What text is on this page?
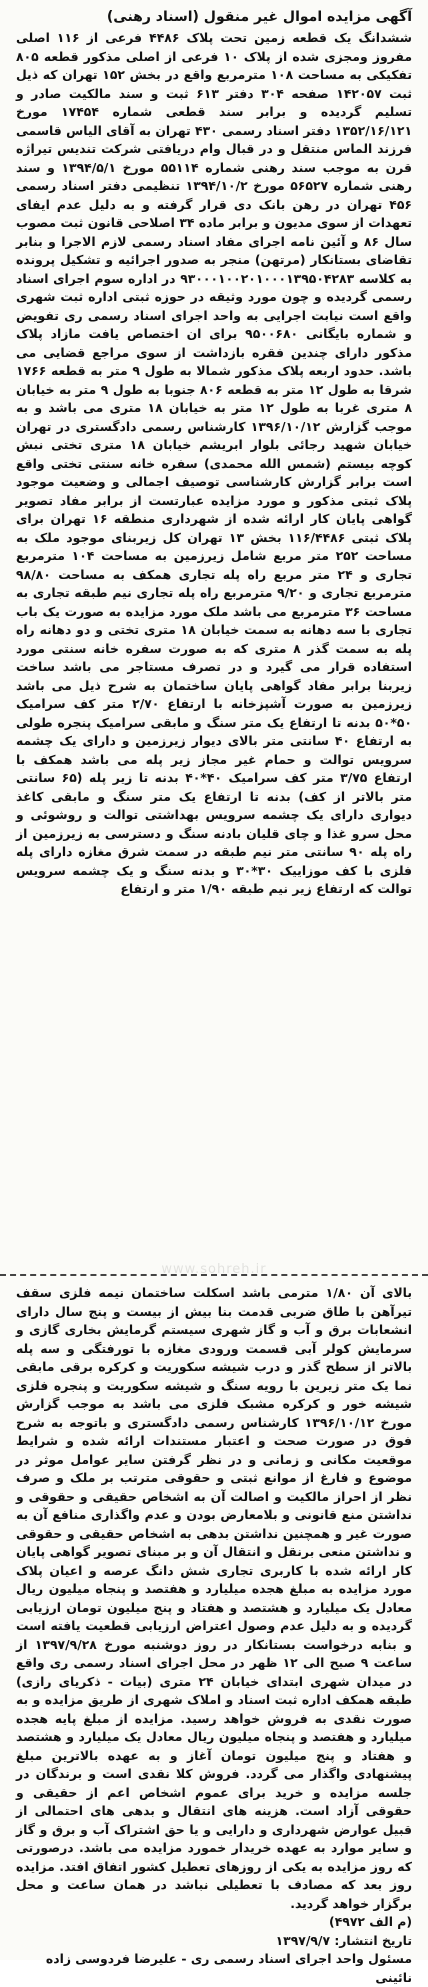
آگهی مزایده اموال غیر منقول (اسناد رهنی)

ششدانگ یک قطعه زمین تحت پلاک ۴۴۸۶ فرعی از ۱۱۶ اصلی مفروز ومجزی شده از پلاک ۱۰ فرعی از اصلی مذکور قطعه ۸۰۵ تفکیکی به مساحت ۱۰۸ مترمربع واقع در بخش ۱۵۲ تهران که ذیل ثبت ۱۴۲۰۵۷ صفحه ۳۰۴ دفتر ۶۱۳ ثبت و سند مالکیت صادر و تسلیم گردیده و برابر سند قطعی شماره ۱۷۴۵۴ مورخ ۱۳۵۲/۱۶/۱۲۱ دفتر اسناد رسمی ۴۳۰ تهران به آقای الیاس قاسمی فرزند الماس منتقل و در قبال وام دریافتی شرکت تندیس تیراژه قرن به موجب سند رهنی شماره ۵۵۱۱۴ مورخ ۱۳۹۴/۵/۱ و سند رهنی شماره ۵۶۵۲۷ مورخ ۱۳۹۴/۱۰/۲ تنظیمی دفتر اسناد رسمی ۴۵۶ تهران در رهن بانک دی قرار گرفته و به دلیل عدم ایفای تعهدات از سوی مدیون و برابر ماده ۳۴ اصلاحی قانون ثبت مصوب سال ۸۶ و آئین نامه اجرای مفاد اسناد رسمی لازم الاجرا و بنابر تقاضای بستانکار (مرتهن) منجر به صدور اجرائیه و تشکیل پرونده به کلاسه ۹۳۰۰۰۱۰۰۲۰۱۰۰۰۱۳۹۵۰۴۲۸۳ در اداره سوم اجرای اسناد رسمی گردیده و چون مورد وثیقه در حوزه ثبتی اداره ثبت شهری واقع است نیابت اجرایی به واحد اجرای اسناد رسمی ری تفویض و شماره بایگانی ۹۵۰۰۶۸۰ برای ان اختصاص یافت مازاد پلاک مذکور دارای چندین فقره بازداشت از سوی مراجع قضایی می باشد. حدود اربعه پلاک مذکور شمالا به طول ۹ متر به قطعه ۱۷۶۶ شرقا به طول ۱۲ متر به قطعه ۸۰۶ جنوبا به طول ۹ متر به خیابان ۸ متری غربا به طول ۱۲ متر به خیابان ۱۸ متری می باشد و به موجب گزارش ۱۳۹۶/۱۰/۱۲ کارشناس رسمی دادگستری در تهران خیابان شهید رجائی بلوار ابریشم خیابان ۱۸ متری تختی نبش کوچه بیستم (شمس الله محمدی) سفره خانه سنتی تختی واقع است برابر گزارش کارشناسی توصیف اجمالی و وضعیت موجود پلاک ثبتی مذکور و مورد مزایده عبارتست از برابر مفاد تصویر گواهی پایان کار ارائه شده از شهرداری منطقه ۱۶ تهران برای پلاک ثبتی ۱۱۶/۴۴۸۶ بخش ۱۳ تهران کل زیربنای موجود ملک به مساحت ۲۵۲ متر مربع شامل زیرزمین به مساحت ۱۰۴ مترمربع تجاری و ۲۴ متر مربع راه پله تجاری همکف به مساحت ۹۸/۸۰ مترمربع تجاری و ۹/۲۰ مترمربع راه پله تجاری نیم طبقه تجاری به مساحت ۳۶ مترمربع می باشد ملک مورد مزایده به صورت یک باب تجاری با سه دهانه به سمت خیابان ۱۸ متری تختی و دو دهانه راه پله به سمت گذر ۸ متری که به صورت سفره خانه سنتی مورد استفاده قرار می گیرد و در تصرف مستاجر می باشد ساخت زیربنا برابر مفاد گواهی پایان ساختمان به شرح ذیل می باشد زیرزمین به صورت آشپزخانه با ارتفاع ۲/۷۰ متر کف سرامیک ۵۰*۵۰ بدنه تا ارتفاع یک متر سنگ و مابقی سرامیک پنجره طولی به ارتفاع ۴۰ سانتی متر بالای دیوار زیرزمین و دارای یک چشمه سرویس توالت و حمام غیر مجاز زیر پله می باشد همکف با ارتفاع ۳/۷۵ متر کف سرامیک ۴۰*۴۰ بدنه تا زیر پله (۶۵ سانتی متر بالاتر از کف) بدنه تا ارتفاع یک متر سنگ و مابقی کاغذ دیواری دارای یک چشمه سرویس بهداشتی توالت و روشوئی و محل سرو غذا و چای قلیان بادنه سنگ و دسترسی به زیرزمین از راه پله ۹۰ سانتی متر نیم طبقه در سمت شرق مغازه دارای پله فلزی با کف موزاییک ۳۰*۳۰ و بدنه سنگ و یک چشمه سرویس توالت که ارتفاع زیر نیم طبقه ۱/۹۰ متر و ارتفاع

www.sohreh.ir

بالای آن ۱/۸۰ مترمی باشد اسکلت ساختمان نیمه فلزی سقف تیرآهن با طاق ضربی قدمت بنا بیش از بیست و پنج سال دارای انشعابات برق و آب و گاز شهری سیستم گرمایش بخاری گازی و سرمایش کولر آبی قسمت ورودی مغازه با تورفتگی و سه پله بالاتر از سطح گذر و درب شیشه سکوریت و کرکره برقی مابقی نما یک متر زیرین با رویه سنگ و شیشه سکوریت و پنجره فلزی شیشه خور و کرکره مشبک فلزی می باشد به موجب گزارش مورخ ۱۳۹۶/۱۰/۱۲ کارشناس رسمی دادگستری و باتوجه به شرح فوق در صورت صحت و اعتبار مستندات ارائه شده و شرایط موقعیت مکانی و زمانی و در نظر گرفتن سایر عوامل موثر در موضوع و فارغ از موانع ثبتی و حقوقی مترتب بر ملک و صرف نظر از احراز مالکیت و اصالت آن به اشخاص حقیقی و حقوقی و نداشتن منع قانونی و بلامعارض بودن و عدم واگذاری منافع آن به صورت غیر و همچنین نداشتن بدهی به اشخاص حقیقی و حقوقی و نداشتن منعی برنقل و انتقال آن و بر مبنای تصویر گواهی پایان کار ارائه شده با کاربری تجاری شش دانگ عرصه و اعیان پلاک مورد مزایده به مبلغ هجده میلیارد و هفتصد و پنجاه میلیون ریال معادل یک میلیارد و هشتصد و هفتاد و پنج میلیون تومان ارزیابی گردیده و به دلیل عدم وصول اعتراض ارزیابی قطعیت یافته است و بنابه درخواست بستانکار در روز دوشنبه مورخ ۱۳۹۷/۹/۲۸ از ساعت ۹ صبح الی ۱۲ ظهر در محل اجرای اسناد رسمی ری واقع در میدان شهری ابتدای خیابان ۲۴ متری (بیات - ذکریای رازی) طبقه همکف اداره ثبت اسناد و املاک شهری از طریق مزایده و به صورت نقدی به فروش خواهد رسید. مزایده از مبلغ پایه هجده میلیارد و هفتصد و پنجاه میلیون ریال معادل یک میلیارد و هشتصد و هفتاد و پنج میلیون تومان آغاز و به عهده بالاترین مبلغ پیشنهادی واگذار می گردد. فروش کلا نقدی است و برندگان در جلسه مزایده و خرید برای عموم اشخاص اعم از حقیقی و حقوقی آزاد است. هزینه های انتقال و بدهی های احتمالی از قبیل عوارض شهرداری و دارایی و یا حق اشتراک آب و برق و گاز و سایر موارد به عهده خریدار خمورد مزایده می باشد. درصورتی که روز مزایده به یکی از روزهای تعطیل کشور اتفاق افتد. مزایده روز بعد که مصادف با تعطیلی نباشد در همان ساعت و محل برگزار خواهد گردید.

(م الف ۴۹۷۲)

تاریخ انتشار: ۱۳۹۷/۹/۷

مسئول واحد اجرای اسناد رسمی ری - علیرضا فردوسی زاده

نائینی
